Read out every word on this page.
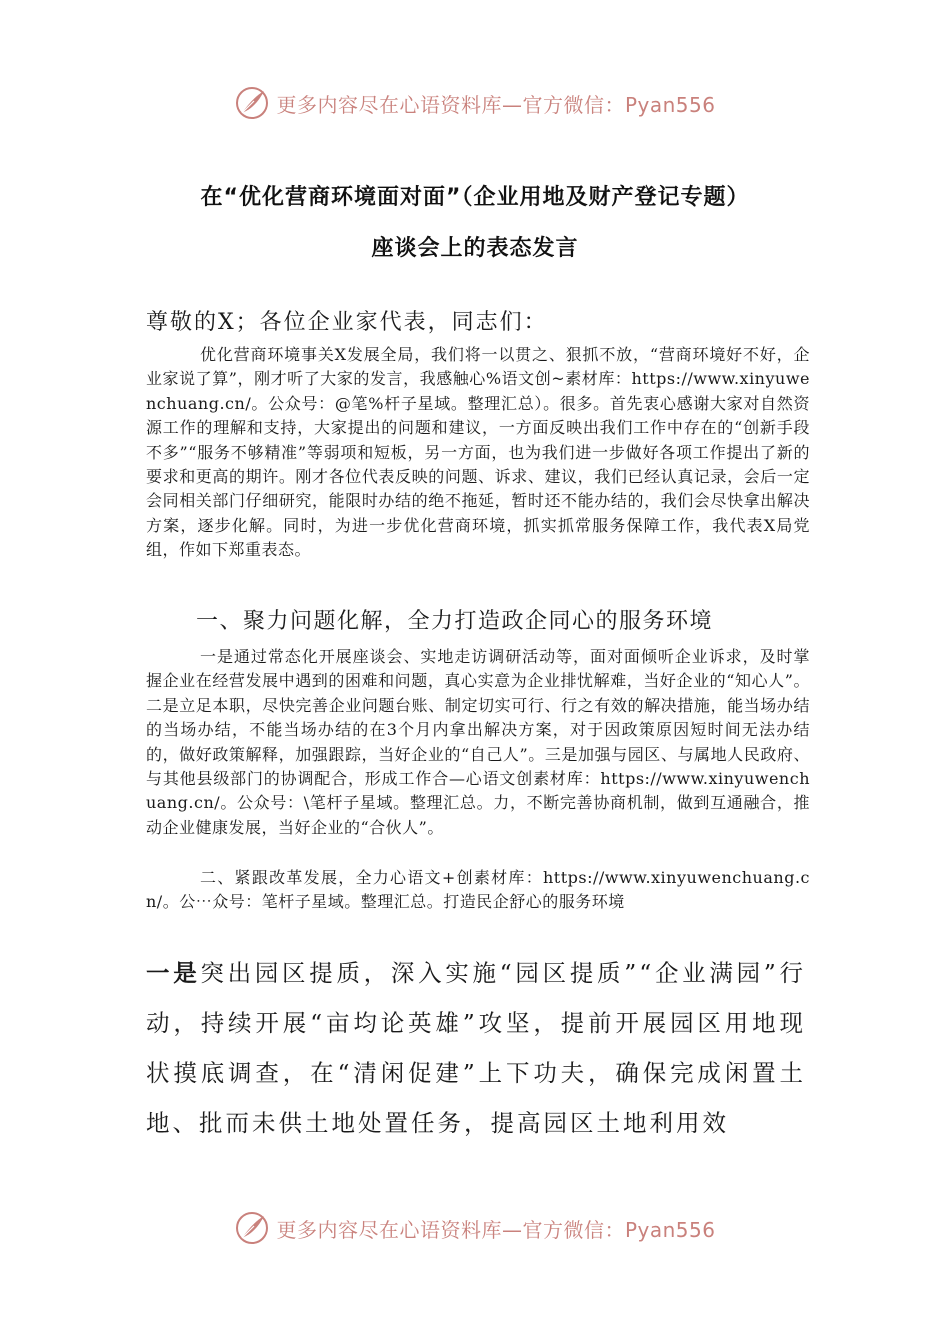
更多内容尽在心语资料库—官方微信：Pyan556
在“优化营商环境面对面”（企业用地及财产登记专题）
座谈会上的表态发言
尊敬的X；各位企业家代表，同志们：

优化营商环境事关X发展全局，我们将一以贯之、狠抓不放，“营商环境好不好，企业家说了算”，刚才听了大家的发言，我感触心%语文创~素材库：https://www.xinyuwenchuang.cn/。公众号：@笔%杆子星域。整理汇总）。很多。首先衷心感谢大家对自然资源工作的理解和支持，大家提出的问题和建议，一方面反映出我们工作中存在的“创新手段不多”“服务不够精准”等弱项和短板，另一方面，也为我们进一步做好各项工作提出了新的要求和更高的期许。刚才各位代表反映的问题、诉求、建议，我们已经认真记录，会后一定会同相关部门仔细研究，能限时办结的绝不拖延，暂时还不能办结的，我们会尽快拿出解决方案，逐步化解。同时，为进一步优化营商环境，抓实抓常服务保障工作，我代表X局党组，作如下郑重表态。

一、聚力问题化解，全力打造政企同心的服务环境

一是通过常态化开展座谈会、实地走访调研活动等，面对面倾听企业诉求，及时掌握企业在经营发展中遇到的困难和问题，真心实意为企业排忧解难，当好企业的“知心人”。二是立足本职，尽快完善企业问题台账、制定切实可行、行之有效的解决措施，能当场办结的当场办结，不能当场办结的在3个月内拿出解决方案，对于因政策原因短时间无法办结的，做好政策解释，加强跟踪，当好企业的“自己人”。三是加强与园区、与属地人民政府、与其他县级部门的协调配合，形成工作合—心语文创素材库：https://www.xinyuwenchuang.cn/。公众号：\笔杆子星域。整理汇总。力，不断完善协商机制，做到互通融合，推动企业健康发展，当好企业的“合伙人”。

二、紧跟改革发展，全力心语文+创素材库：https://www.xinyuwenchuang.cn/。公⋯众号：笔杆子星域。整理汇总。打造民企舒心的服务环境

一是突出园区提质，深入实施“园区提质”“企业满园”行动，持续开展“亩均论英雄”攻坚，提前开展园区用地现状摸底调查，在“清闲促建”上下功夫，确保完成闲置土地、批而未供土地处置任务，提高园区土地利用效

更多内容尽在心语资料库—官方微信：Pyan556
